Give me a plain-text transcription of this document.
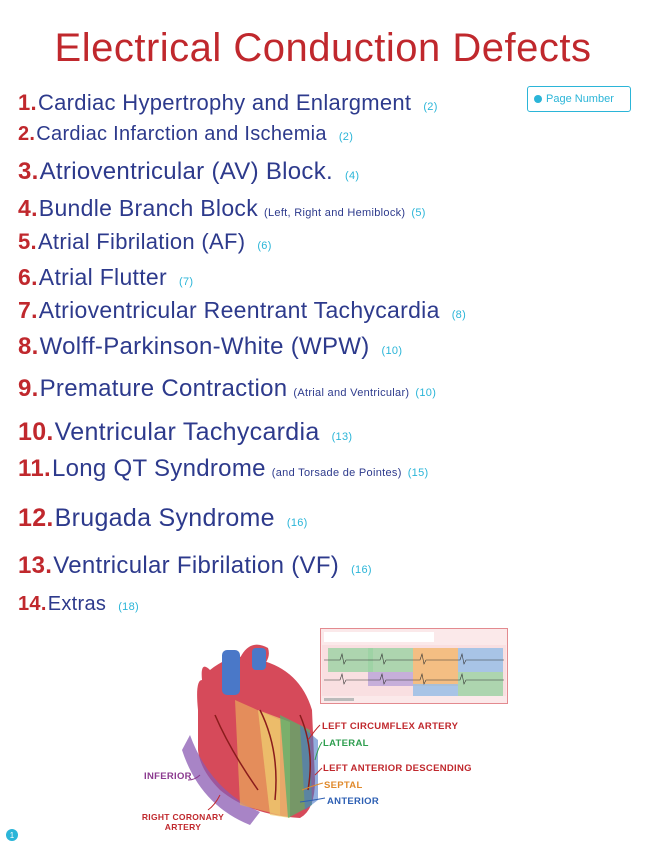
Electrical Conduction Defects
Page Number
1. Cardiac Hypertrophy and Enlargment (2)
2. Cardiac Infarction and Ischemia (2)
3. Atrioventricular (AV) Block. (4)
4. Bundle Branch Block (Left, Right and Hemiblock) (5)
5. Atrial Fibrilation (AF) (6)
6. Atrial Flutter (7)
7. Atrioventricular Reentrant Tachycardia (8)
8. Wolff-Parkinson-White (WPW) (10)
9. Premature Contraction (Atrial and Ventricular) (10)
10. Ventricular Tachycardia (13)
11. Long QT Syndrome (and Torsade de Pointes) (15)
12. Brugada Syndrome (16)
13. Ventricular Fibrilation (VF) (16)
14. Extras (18)
INFERIOR
RIGHT CORONARY ARTERY
LEFT CIRCUMFLEX ARTERY
LATERAL
LEFT ANTERIOR DESCENDING
SEPTAL
ANTERIOR
1
